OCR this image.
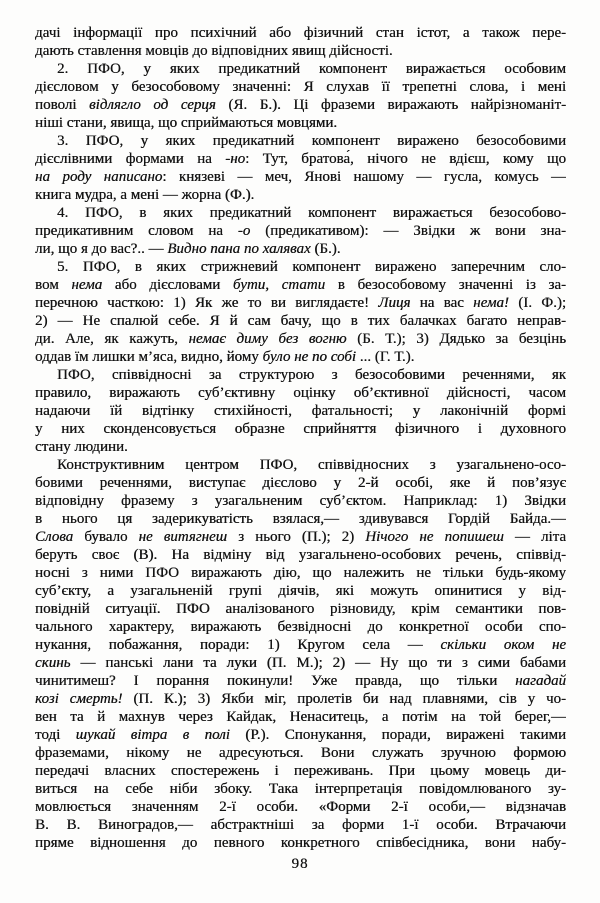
дачі інформації про психічний або фізичний стан істот, а також пере-
дають ставлення мовців до відповідних явищ дійсності.
2. ПФО, у яких предикатний компонент виражається особовим
дієсловом у безособовому значенні: Я слухав її трепетні слова, і мені
поволі відлягло од серця (Я. Б.). Ці фраземи виражають найрізноманіт-
ніші стани, явища, що сприймаються мовцями.
3. ПФО, у яких предикатний компонент виражено безособовими
дієслівними формами на -но: Тут, братова́, нічого не вдієш, кому що
на роду написано: князеві — меч, Янові нашому — гусла, комусь —
книга мудра, а мені — жорна (Ф.).
4. ПФО, в яких предикатний компонент виражається безособово-
предикативним словом на -о (предикативом): — Звідки ж вони зна-
ли, що я до вас?.. — Видно пана по халявах (Б.).
5. ПФО, в яких стрижневий компонент виражено заперечним сло-
вом нема або дієсловами бути, стати в безособовому значенні із за-
перечною часткою: 1) Як же то ви виглядаєте! Лиця на вас нема! (І. Ф.);
2) — Не спалюй себе. Я й сам бачу, що в тих балачках багато неправ-
ди. Але, як кажуть, немає диму без вогню (Б. Т.); 3) Дядько за безцінь
оддав їм лишки м’яса, видно, йому було не по собі ... (Г. Т.).
ПФО, співвідносні за структурою з безособовими реченнями, як
правило, виражають суб’єктивну оцінку об’єктивної дійсності, часом
надаючи їй відтінку стихійності, фатальності; у лаконічній формі
у них сконденсовується образне сприйняття фізичного і духовного
стану людини.
Конструктивним центром ПФО, співвідносних з узагальнено-осо-
бовими реченнями, виступає дієслово у 2-й особі, яке й пов’язує
відповідну фразему з узагальненим суб’єктом. Наприклад: 1) Звідки
в нього ця задерикуватість взялася,— здивувався Гордій Байда.—
Слова бувало не витягнеш з нього (П.); 2) Нічого не попишеш — літа
беруть своє (В). На відміну від узагальнено-особових речень, співвід-
носні з ними ПФО виражають дію, що належить не тільки будь-якому
суб’єкту, а узагальненій групі діячів, які можуть опинитися у від-
повідній ситуації. ПФО аналізованого різновиду, крім семантики пов-
чального характеру, виражають безвідносні до конкретної особи спо-
нукання, побажання, поради: 1) Кругом села — скільки оком не
скинь — панські лани та луки (П. М.); 2) — Ну що ти з сими бабами
чинитимеш? І порання покинули! Уже правда, що тільки нагадай
козі смерть! (П. К.); 3) Якби міг, пролетів би над плавнями, сів у чо-
вен та й махнув через Кайдак, Ненаситець, а потім на той берег,—
тоді шукай вітра в полі (Р.). Спонукання, поради, виражені такими
фраземами, нікому не адресуються. Вони служать зручною формою
передачі власних спостережень і переживань. При цьому мовець ди-
виться на себе ніби збоку. Така інтерпретація повідомлюваного зу-
мовлюється значенням 2-ї особи. «Форми 2-ї особи,— відзначав
В. В. Виноградов,— абстрактніші за форми 1-ї особи. Втрачаючи
пряме відношення до певного конкретного співбесідника, вони набу-
98
